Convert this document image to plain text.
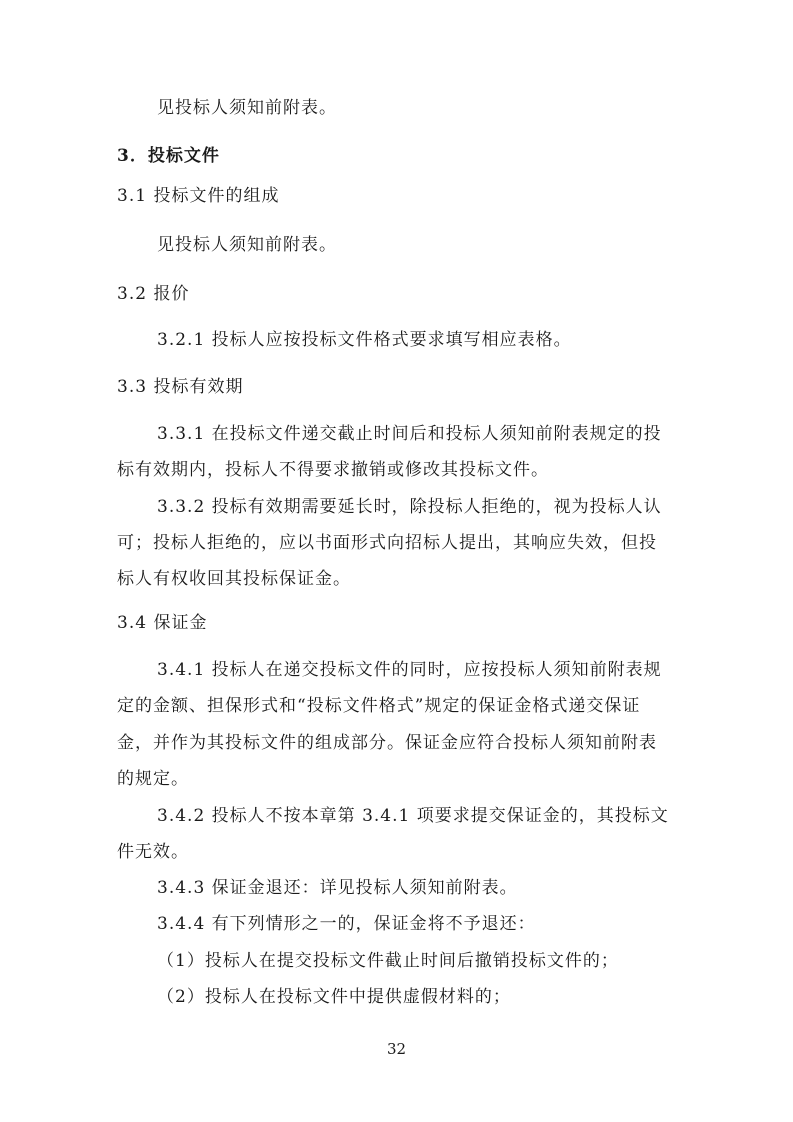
见投标人须知前附表。
3．投标文件
3.1 投标文件的组成
见投标人须知前附表。
3.2 报价
3.2.1 投标人应按投标文件格式要求填写相应表格。
3.3 投标有效期
3.3.1 在投标文件递交截止时间后和投标人须知前附表规定的投
标有效期内，投标人不得要求撤销或修改其投标文件。
3.3.2 投标有效期需要延长时，除投标人拒绝的，视为投标人认
可；投标人拒绝的，应以书面形式向招标人提出，其响应失效，但投
标人有权收回其投标保证金。
3.4 保证金
3.4.1 投标人在递交投标文件的同时，应按投标人须知前附表规
定的金额、担保形式和“投标文件格式”规定的保证金格式递交保证
金，并作为其投标文件的组成部分。保证金应符合投标人须知前附表
的规定。
3.4.2 投标人不按本章第 3.4.1 项要求提交保证金的，其投标文
件无效。
3.4.3 保证金退还：详见投标人须知前附表。
3.4.4 有下列情形之一的，保证金将不予退还：
（1）投标人在提交投标文件截止时间后撤销投标文件的；
（2）投标人在投标文件中提供虚假材料的；
32
